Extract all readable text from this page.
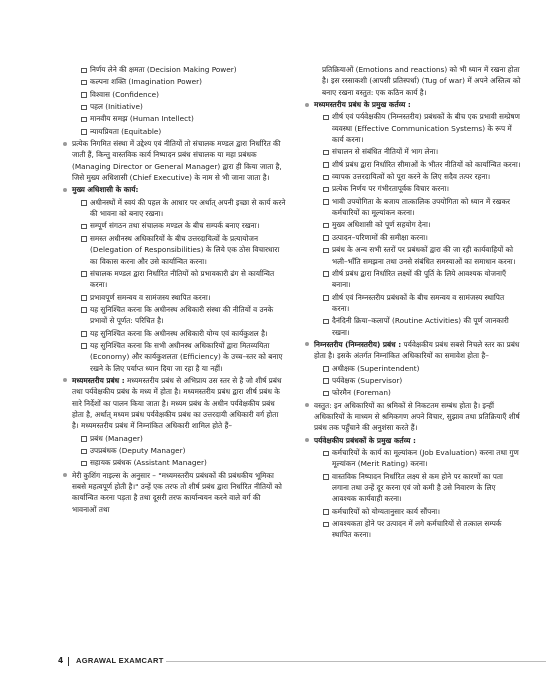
निर्णय लेने की क्षमता (Decision Making Power)
कल्पना शक्ति (Imagination Power)
विश्वास (Confidence)
पहल (Initiative)
मानवीय समझ (Human Intellect)
न्यायप्रियता (Equitable)
प्रत्येक निगमित संस्था में उद्देश्य एवं नीतियों तो संचालक मण्डल द्वारा निर्धारित की जाती हैं, किन्तु वास्तविक कार्य निष्पादन प्रबंध संचालक या महा प्रबंधक (Managing Director or General Manager) द्वारा ही किया जाता है, जिसे मुख्य अधिशासी (Chief Executive) के नाम से भी जाना जाता है।
मुख्य अधिशासी के कार्य:
अधीनस्थों में स्वयं की पहल के आधार पर अर्थात् अपनी इच्छा से कार्य करने की भावना को बनाए रखना।
सम्पूर्ण संगठन तथा संचालक मण्डल के बीच सम्पर्क बनाए रखना।
समस्त अधीनस्थ अधिकारियों के बीच उत्तरदायित्वों के प्रत्यायोजन (Delegation of Responsibilities) के लिये एक ठोस विचारधारा का विकास करना और उसे कार्यान्वित करना।
संचालक मण्डल द्वारा निर्धारित नीतियों को प्रभावकारी ढंग से कार्यान्वित करना।
प्रभावपूर्ण समन्वय व सामंजस्य स्थापित करना।
यह सुनिश्चित करना कि अधीनस्थ अधिकारी संस्था की नीतियों व उनके प्रभावों से पूर्णत: परिचित है।
यह सुनिश्चित करना कि अधीनस्थ अधिकारी योग्य एवं कार्यकुशल है।
यह सुनिश्चित करना कि सभी अधीनस्थ अधिकारियों द्वारा मितव्ययिता (Economy) और कार्यकुशलता (Efficiency) के उच्च–स्तर को बनाए रखने के लिए पर्याप्त ध्यान दिया जा रहा है या नहीं।
मध्यमस्तरीय प्रबंध : मध्यमस्तरीय प्रबंध से अभिप्राय उस स्तर से है जो शीर्ष प्रबंध तथा पर्यवेक्षकीय प्रबंध के मध्य में होता है। मध्यमस्तरीय प्रबंध द्वारा शीर्ष प्रबंध के सारे निर्देशों का पालन किया जाता है। मध्यम प्रबंध के अधीन पर्यवेक्षकीय प्रबंध होता है, अर्थात् मध्यम प्रबंध पर्यवेक्षकीय प्रबंध का उत्तरदायी अधिकारी वर्ग होता है। मध्यमस्तरीय प्रबंध में निम्नांकित अधिकारी शामिल होते हैं–
प्रबंध (Manager)
उपप्रबंधक (Deputy Manager)
सहायक प्रबंधक (Assistant Manager)
मेरी कुशिंग नाइल्स के अनुसार – "मध्यमस्तरीय प्रबंधकों की प्रबंधकीय भूमिका सबसे महत्वपूर्ण होती है।" उन्हें एक तरफ तो शीर्ष प्रबंध द्वारा निर्धारित नीतियों को कार्यान्वित करना पड़ता है तथा दूसरी तरफ कार्यान्वयन करने वाले वर्ग की भावनाओं तथा
प्रतिक्रियाओं (Emotions and reactions) को भी ध्यान में रखना होता है। इस रस्साकशी (आपसी प्रतिस्पर्धा) (Tug of war) में अपने अस्तित्व को बनाए रखना वस्तुत: एक कठिन कार्य है।
मध्यमस्तरीय प्रबंध के प्रमुख कर्तव्य :
शीर्ष एवं पर्यवेक्षकीय (निम्नस्तरीय) प्रबंधकों के बीच एक प्रभावी सम्प्रेषण व्यवस्था (Effective Communication Systems) के रूप में कार्य करना।
संचालन से संबंधित नीतियों में भाग लेना।
शीर्ष प्रबंध द्वारा निर्धारित सीमाओं के भीतर नीतियों को कार्यान्वित करना।
व्यापक उत्तरदायित्वों को पूरा करने के लिए सदैव तत्पर रहना।
प्रत्येक निर्णय पर गंभीरतापूर्वक विचार करना।
भावी उपयोगिता के बजाय तात्कालिक उपयोगिता को ध्यान में रखकर कर्मचारियों का मूल्यांकन करना।
मुख्य अधिशासी को पूर्ण सहयोग देना।
उत्पादन–परिणामों की समीक्षा करना।
प्रबंध के अन्य सभी स्तरों पर प्रबंधकों द्वारा की जा रही कार्यवाहियों को भली–भाँति समझना तथा उनसे संबंधित समस्याओं का समाधान करना।
शीर्ष प्रबंध द्वारा निर्धारित लक्ष्यों की पूर्ति के लिये आवश्यक योजनाएँ बनाना।
शीर्ष एवं निम्नस्तरीय प्रबंधकों के बीच समन्वय व सामंजस्य स्थापित करना।
दैनंदिनी क्रिया–कलापों (Routine Activities) की पूर्ण जानकारी रखना।
निम्नस्तरीय (निम्नस्तरीय) प्रबंध : पर्यवेक्षकीय प्रबंध सबसे निचले स्तर का प्रबंध होता है। इसके अंतर्गत निम्नांकित अधिकारियों का समावेश होता है–
अधीक्षक (Superintendent)
पर्यवेक्षक (Supervisor)
फोरमैन (Foreman)
वस्तुत: इन अधिकारियों का श्रमिकों से निकटतम सम्बंध होता है। इन्हीं अधिकारियों के माध्यम से श्रमिकगण अपने विचार, सुझाव तथा प्रतिक्रियाएँ शीर्ष प्रबंध तक पहुँचाने की अनुशंसा करते हैं।
पर्यवेक्षकीय प्रबंधकों के प्रमुख कर्तव्य :
कर्मचारियों के कार्य का मूल्यांकन (Job Evaluation) करना तथा गुण मूल्यांकन (Merit Rating) करना।
वास्तविक निष्पादन निर्धारित लक्ष्य से कम होने पर कारणों का पता लगाना तथा उन्हें दूर करना एवं जो कमी है उसे निवारण के लिए आवश्यक कार्यवाही करना।
कर्मचारियों को योग्यतानुसार कार्य सौंपना।
आवश्यकता होने पर उत्पादन में लगे कर्मचारियों से तत्काल सम्पर्क स्थापित करना।
4 AGRAWAL EXAMCART
